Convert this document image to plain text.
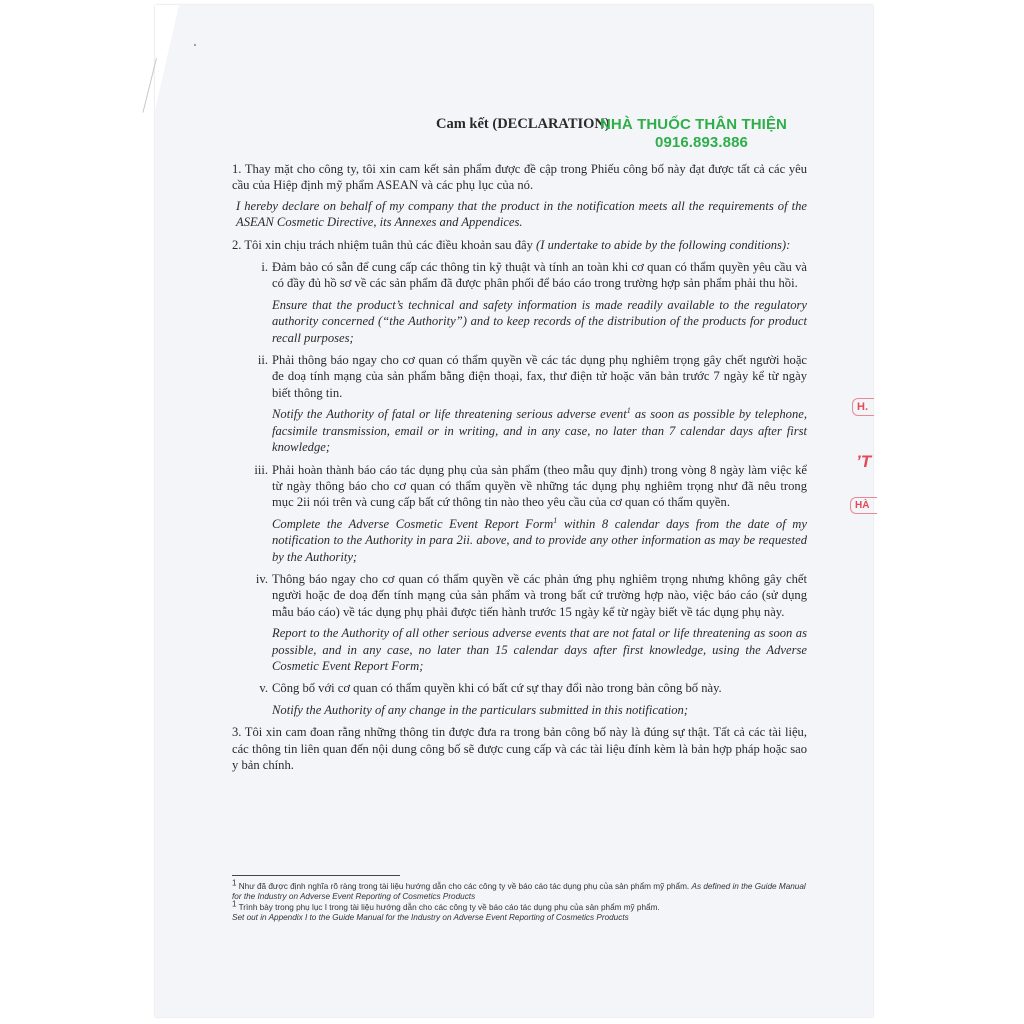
Cam kết (DECLARATION)
NHÀ THUỐC THÂN THIỆN
0916.893.886

1. Thay mặt cho công ty, tôi xin cam kết sản phẩm được đề cập trong Phiếu công bố này đạt được tất cả các yêu cầu của Hiệp định mỹ phẩm ASEAN và các phụ lục của nó.

I hereby declare on behalf of my company that the product in the notification meets all the requirements of the ASEAN Cosmetic Directive, its Annexes and Appendices.

2. Tôi xin chịu trách nhiệm tuân thủ các điều khoản sau đây (I undertake to abide by the following conditions):

i. Đảm bảo có sẵn để cung cấp các thông tin kỹ thuật và tính an toàn khi cơ quan có thẩm quyền yêu cầu và có đầy đủ hồ sơ về các sản phẩm đã được phân phối để báo cáo trong trường hợp sản phẩm phải thu hồi.

Ensure that the product’s technical and safety information is made readily available to the regulatory authority concerned (“the Authority”) and to keep records of the distribution of the products for product recall purposes;

ii. Phải thông báo ngay cho cơ quan có thẩm quyền về các tác dụng phụ nghiêm trọng gây chết người hoặc đe doạ tính mạng của sản phẩm bằng điện thoại, fax, thư điện tử hoặc văn bản trước 7 ngày kể từ ngày biết thông tin.

Notify the Authority of fatal or life threatening serious adverse event$^1$ as soon as possible by telephone, facsimile transmission, email or in writing, and in any case, no later than 7 calendar days after first knowledge;

iii. Phải hoàn thành báo cáo tác dụng phụ của sản phẩm (theo mẫu quy định) trong vòng 8 ngày làm việc kể từ ngày thông báo cho cơ quan có thẩm quyền về những tác dụng phụ nghiêm trọng như đã nêu trong mục 2ii nói trên và cung cấp bất cứ thông tin nào theo yêu cầu của cơ quan có thẩm quyền.

Complete the Adverse Cosmetic Event Report Form$^1$ within 8 calendar days from the date of my notification to the Authority in para 2ii. above, and to provide any other information as may be requested by the Authority;

iv. Thông báo ngay cho cơ quan có thẩm quyền về các phản ứng phụ nghiêm trọng nhưng không gây chết người hoặc đe doạ đến tính mạng của sản phẩm và trong bất cứ trường hợp nào, việc báo cáo (sử dụng mẫu báo cáo) về tác dụng phụ phải được tiến hành trước 15 ngày kể từ ngày biết về tác dụng phụ này.

Report to the Authority of all other serious adverse events that are not fatal or life threatening as soon as possible, and in any case, no later than 15 calendar days after first knowledge, using the Adverse Cosmetic Event Report Form;

v. Công bố với cơ quan có thẩm quyền khi có bất cứ sự thay đổi nào trong bản công bố này.

Notify the Authority of any change in the particulars submitted in this notification;

3. Tôi xin cam đoan rằng những thông tin được đưa ra trong bản công bố này là đúng sự thật. Tất cả các tài liệu, các thông tin liên quan đến nội dung công bố sẽ được cung cấp và các tài liệu đính kèm là bản hợp pháp hoặc sao y bản chính.

$^1$ Như đã được định nghĩa rõ ràng trong tài liệu hướng dẫn cho các công ty về báo cáo tác dụng phụ của sản phẩm mỹ phẩm. As defined in the Guide Manual for the Industry on Adverse Event Reporting of Cosmetics Products

$^1$ Trình bày trong phụ lục I trong tài liệu hướng dẫn cho các công ty về báo cáo tác dụng phụ của sản phẩm mỹ phẩm.

Set out in Appendix I to the Guide Manual for the Industry on Adverse Event Reporting of Cosmetics Products

H.
’T
HÀ
